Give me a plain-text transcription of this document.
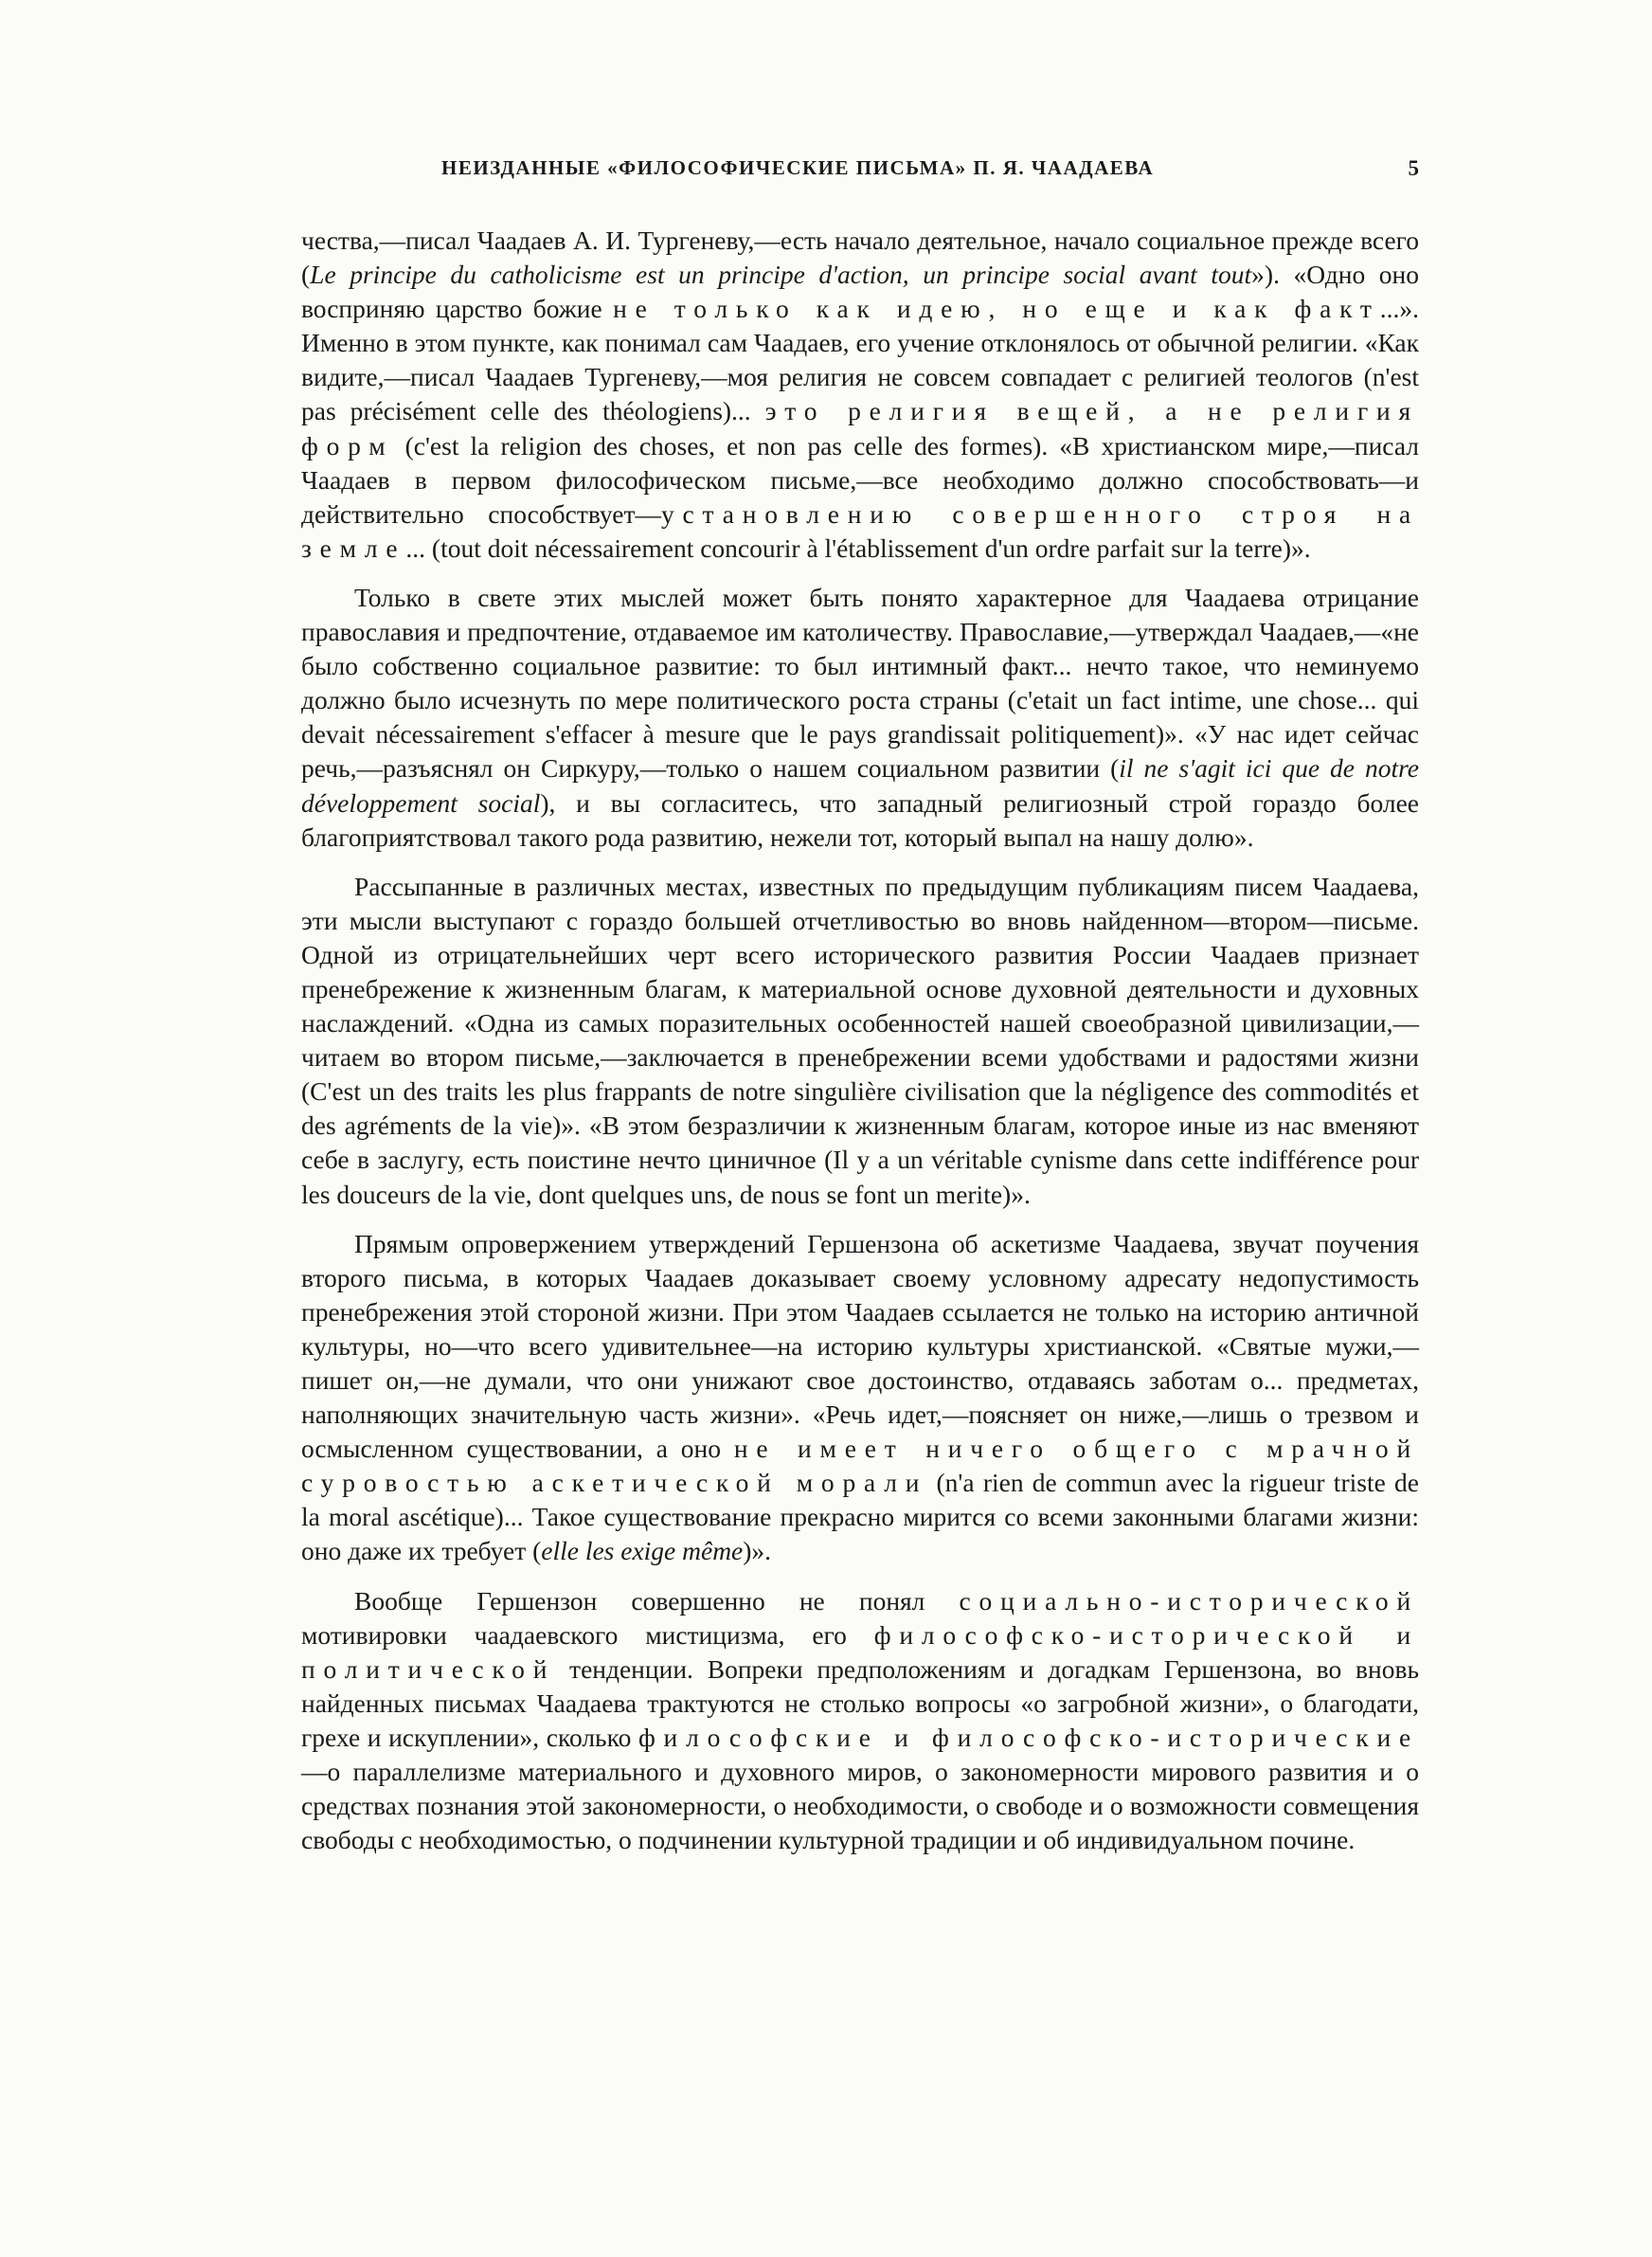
НЕИЗДАННЫЕ «ФИЛОСОФИЧЕСКИЕ ПИСЬМА» П. Я. ЧААДАЕВА	5

чества,—писал Чаадаев А. И. Тургеневу,—есть начало деятельное, начало социальное прежде всего (Le principe du catholicisme est un principe d'action, un principe social avant tout»). «Одно оно восприняю царство божие не только как идею, но еще и как факт...». Именно в этом пункте, как понимал сам Чаадаев, его учение отклонялось от обычной религии. «Как видите,—писал Чаадаев Тургеневу,—моя религия не совсем совпадает с религией теологов (n'est pas précisément celle des théologiens)... это религия вещей, а не религия форм (c'est la religion des choses, et non pas celle des formes). «В христианском мире,—писал Чаадаев в первом философическом письме,—все необходимо должно способствовать—и действительно способствует—установлению совершенного строя на земле... (tout doit nécessairement concourir à l'établissement d'un ordre parfait sur la terre)».

Только в свете этих мыслей может быть понято характерное для Чаадаева отрицание православия и предпочтение, отдаваемое им католичеству. Православие,—утверждал Чаадаев,—«не было собственно социальное развитие: то был интимный факт... нечто такое, что неминуемо должно было исчезнуть по мере политического роста страны (c'etait un fact intime, une chose... qui devait nécessairement s'effacer à mesure que le pays grandissait politiquement)». «У нас идет сейчас речь,—разъяснял он Сиркуру,—только о нашем социальном развитии (il ne s'agit ici que de notre développement social), и вы согласитесь, что западный религиозный строй гораздо более благоприятствовал такого рода развитию, нежели тот, который выпал на нашу долю».

Рассыпанные в различных местах, известных по предыдущим публикациям писем Чаадаева, эти мысли выступают с гораздо большей отчетливостью во вновь найденном—втором—письме. Одной из отрицательнейших черт всего исторического развития России Чаадаев признает пренебрежение к жизненным благам, к материальной основе духовной деятельности и духовных наслаждений. «Одна из самых поразительных особенностей нашей своеобразной цивилизации,—читаем во втором письме,—заключается в пренебрежении всеми удобствами и радостями жизни (C'est un des traits les plus frappants de notre singulière civilisation que la négligence des commodités et des agréments de la vie)». «В этом безразличии к жизненным благам, которое иные из нас вменяют себе в заслугу, есть поистине нечто циничное (Il y a un véritable cynisme dans cette indifférence pour les douceurs de la vie, dont quelques uns, de nous se font un merite)».

Прямым опровержением утверждений Гершензона об аскетизме Чаадаева, звучат поучения второго письма, в которых Чаадаев доказывает своему условному адресату недопустимость пренебрежения этой стороной жизни. При этом Чаадаев ссылается не только на историю античной культуры, но—что всего удивительнее—на историю культуры христианской. «Святые мужи,—пишет он,—не думали, что они унижают свое достоинство, отдаваясь заботам о... предметах, наполняющих значительную часть жизни». «Речь идет,—поясняет он ниже,—лишь о трезвом и осмысленном существовании, а оно не имеет ничего общего с мрачной суровостью аскетической морали (n'a rien de commun avec la rigueur triste de la moral ascétique)... Такое существование прекрасно мирится со всеми законными благами жизни: оно даже их требует (elle les exige même)».

Вообще Гершензон совершенно не понял социально-исторической мотивировки чаадаевского мистицизма, его философско-исторической и политической тенденции. Вопреки предположениям и догадкам Гершензона, во вновь найденных письмах Чаадаева трактуются не столько вопросы «о загробной жизни», о благодати, грехе и искуплении», сколько философские и философско-исторические—о параллелизме материального и духовного миров, о закономерности мирового развития и о средствах познания этой закономерности, о необходимости, о свободе и о возможности совмещения свободы с необходимостью, о подчинении культурной традиции и об индивидуальном почине.
